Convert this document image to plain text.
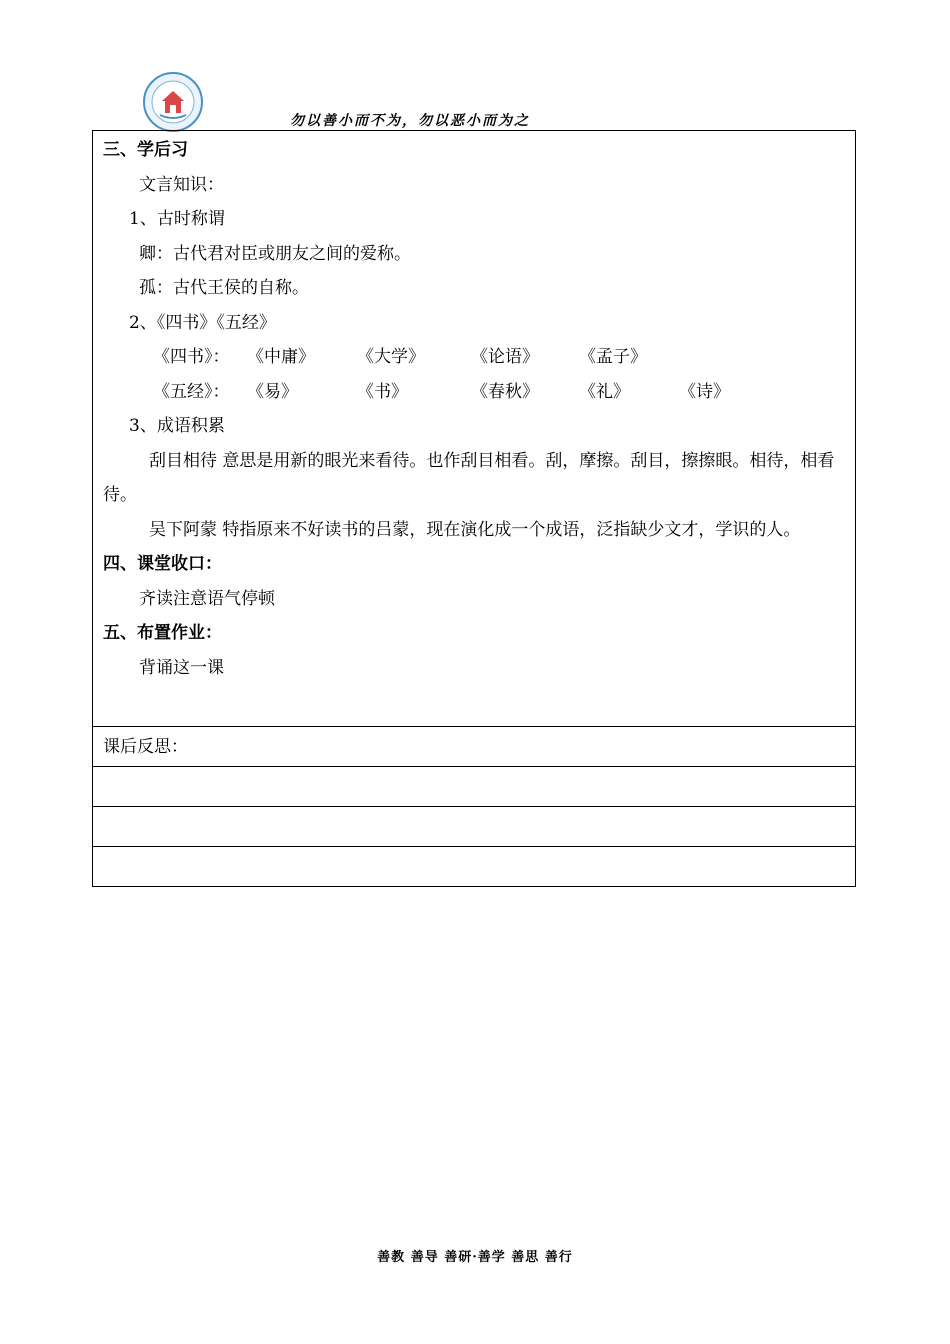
勿以善小而不为，勿以恶小而为之
三、学后习
文言知识：
1、古时称谓
卿：古代君对臣或朋友之间的爱称。
孤：古代王侯的自称。
2、《四书》《五经》
《四书》：	《中庸》	《大学》	《论语》	《孟子》
《五经》：	《易》	《书》	《春秋》	《礼》	《诗》
3、成语积累
刮目相待 意思是用新的眼光来看待。也作刮目相看。刮，摩擦。刮目，擦擦眼。相待，相看待。
吴下阿蒙 特指原来不好读书的吕蒙，现在演化成一个成语，泛指缺少文才，学识的人。
四、课堂收口：
齐读注意语气停顿
五、布置作业：
背诵这一课
课后反思：
善教 善导 善研·善学 善思 善行
